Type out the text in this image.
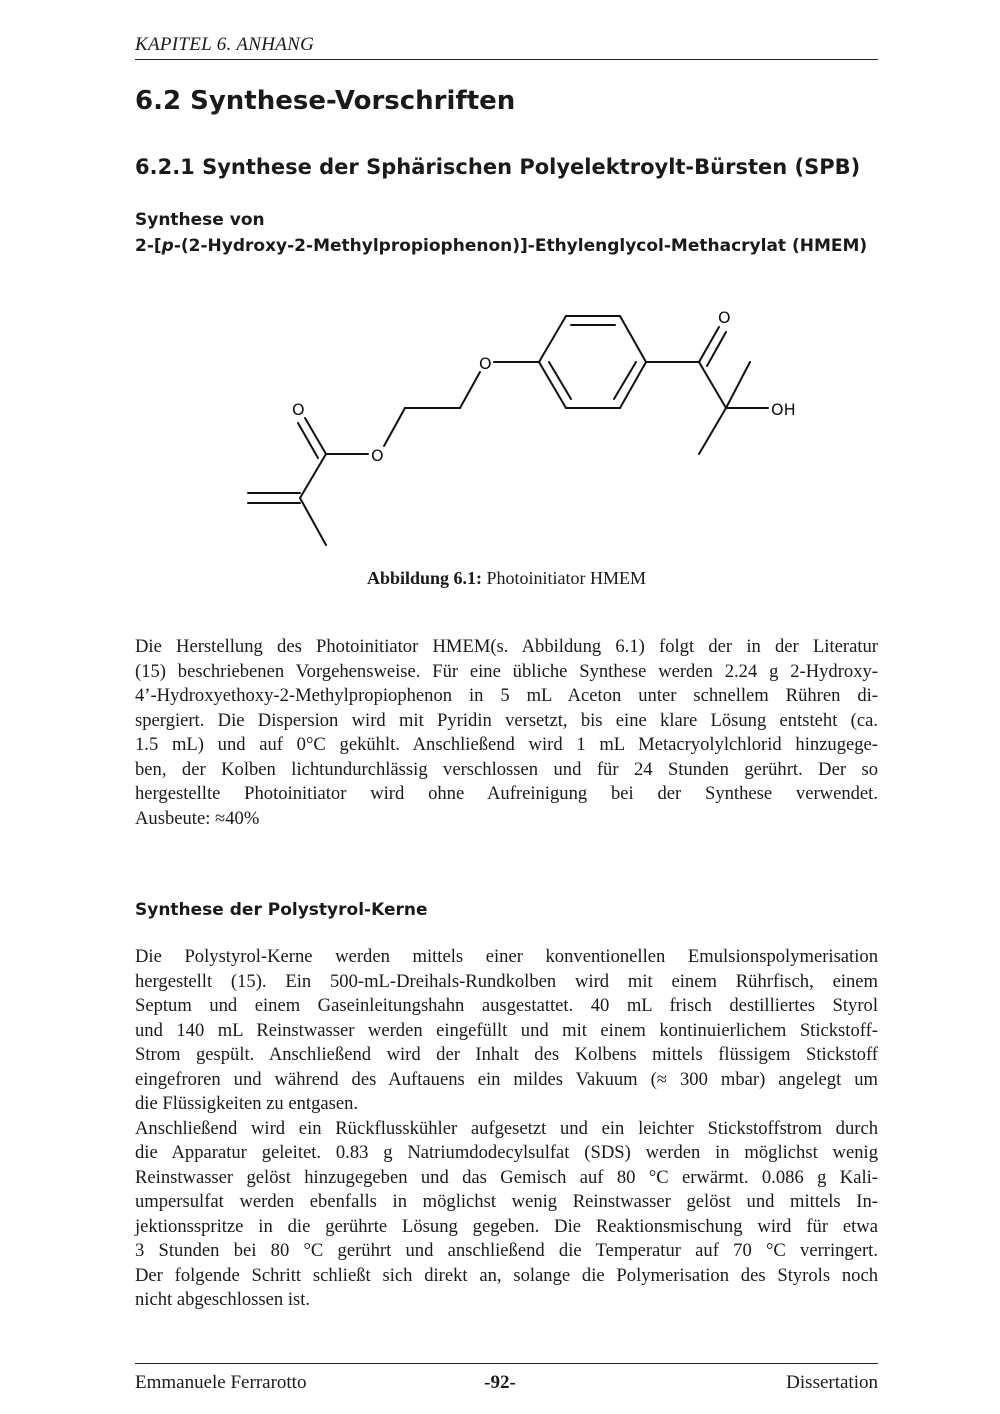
KAPITEL 6. ANHANG
6.2 Synthese-Vorschriften
6.2.1 Synthese der Sphärischen Polyelektroylt-Bürsten (SPB)
Synthese von
2-[p-(2-Hydroxy-2-Methylpropiophenon)]-Ethylenglycol-Methacrylat (HMEM)
O
O
O
O
OH
Abbildung 6.1: Photoinitiator HMEM
Die Herstellung des Photoinitiator HMEM(s. Abbildung 6.1) folgt der in der Literatur
(15) beschriebenen Vorgehensweise. Für eine übliche Synthese werden 2.24 g 2-Hydroxy-
4’-Hydroxyethoxy-2-Methylpropiophenon in 5 mL Aceton unter schnellem Rühren di-
spergiert. Die Dispersion wird mit Pyridin versetzt, bis eine klare Lösung entsteht (ca.
1.5 mL) und auf 0°C gekühlt. Anschließend wird 1 mL Metacryolylchlorid hinzugege-
ben, der Kolben lichtundurchlässig verschlossen und für 24 Stunden gerührt. Der so
hergestellte Photoinitiator wird ohne Aufreinigung bei der Synthese verwendet.
Ausbeute: ≈40%
Synthese der Polystyrol-Kerne
Die Polystyrol-Kerne werden mittels einer konventionellen Emulsionspolymerisation
hergestellt (15). Ein 500-mL-Dreihals-Rundkolben wird mit einem Rührfisch, einem
Septum und einem Gaseinleitungshahn ausgestattet. 40 mL frisch destilliertes Styrol
und 140 mL Reinstwasser werden eingefüllt und mit einem kontinuierlichem Stickstoff-
Strom gespült. Anschließend wird der Inhalt des Kolbens mittels flüssigem Stickstoff
eingefroren und während des Auftauens ein mildes Vakuum (≈ 300 mbar) angelegt um
die Flüssigkeiten zu entgasen.
Anschließend wird ein Rückflusskühler aufgesetzt und ein leichter Stickstoffstrom durch
die Apparatur geleitet. 0.83 g Natriumdodecylsulfat (SDS) werden in möglichst wenig
Reinstwasser gelöst hinzugegeben und das Gemisch auf 80 °C erwärmt. 0.086 g Kali-
umpersulfat werden ebenfalls in möglichst wenig Reinstwasser gelöst und mittels In-
jektionsspritze in die gerührte Lösung gegeben. Die Reaktionsmischung wird für etwa
3 Stunden bei 80 °C gerührt und anschließend die Temperatur auf 70 °C verringert.
Der folgende Schritt schließt sich direkt an, solange die Polymerisation des Styrols noch
nicht abgeschlossen ist.
Emmanuele Ferrarotto	-92-	Dissertation
